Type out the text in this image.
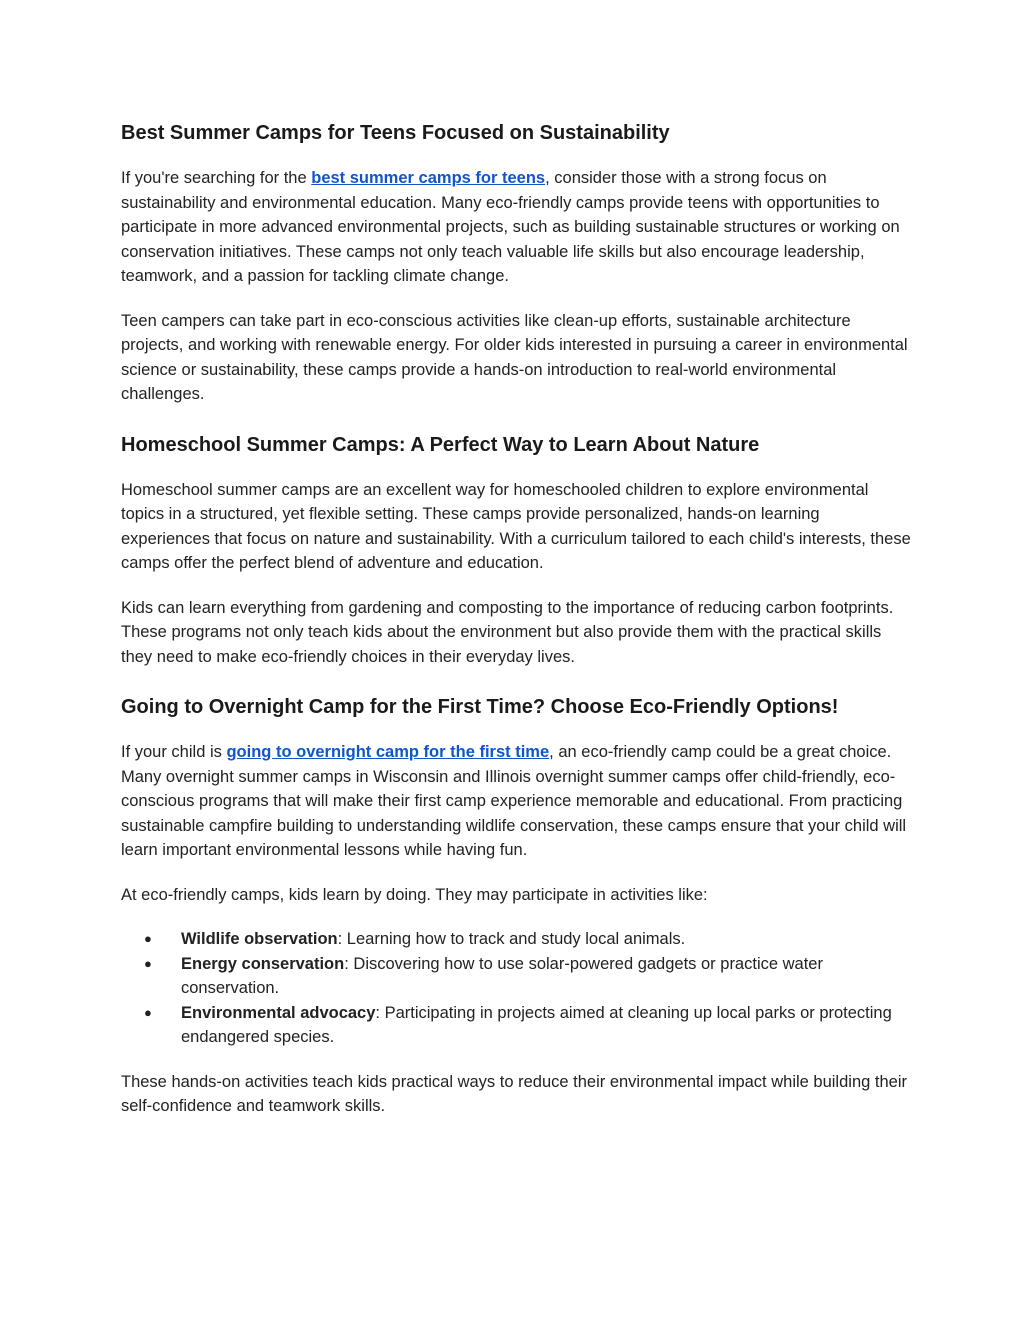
Best Summer Camps for Teens Focused on Sustainability

If you're searching for the best summer camps for teens, consider those with a strong focus on sustainability and environmental education. Many eco-friendly camps provide teens with opportunities to participate in more advanced environmental projects, such as building sustainable structures or working on conservation initiatives. These camps not only teach valuable life skills but also encourage leadership, teamwork, and a passion for tackling climate change.

Teen campers can take part in eco-conscious activities like clean-up efforts, sustainable architecture projects, and working with renewable energy. For older kids interested in pursuing a career in environmental science or sustainability, these camps provide a hands-on introduction to real-world environmental challenges.

Homeschool Summer Camps: A Perfect Way to Learn About Nature

Homeschool summer camps are an excellent way for homeschooled children to explore environmental topics in a structured, yet flexible setting. These camps provide personalized, hands-on learning experiences that focus on nature and sustainability. With a curriculum tailored to each child's interests, these camps offer the perfect blend of adventure and education.

Kids can learn everything from gardening and composting to the importance of reducing carbon footprints. These programs not only teach kids about the environment but also provide them with the practical skills they need to make eco-friendly choices in their everyday lives.

Going to Overnight Camp for the First Time? Choose Eco-Friendly Options!

If your child is going to overnight camp for the first time, an eco-friendly camp could be a great choice. Many overnight summer camps in Wisconsin and Illinois overnight summer camps offer child-friendly, eco-conscious programs that will make their first camp experience memorable and educational. From practicing sustainable campfire building to understanding wildlife conservation, these camps ensure that your child will learn important environmental lessons while having fun.

At eco-friendly camps, kids learn by doing. They may participate in activities like:

● Wildlife observation: Learning how to track and study local animals.
● Energy conservation: Discovering how to use solar-powered gadgets or practice water conservation.
● Environmental advocacy: Participating in projects aimed at cleaning up local parks or protecting endangered species.

These hands-on activities teach kids practical ways to reduce their environmental impact while building their self-confidence and teamwork skills.
